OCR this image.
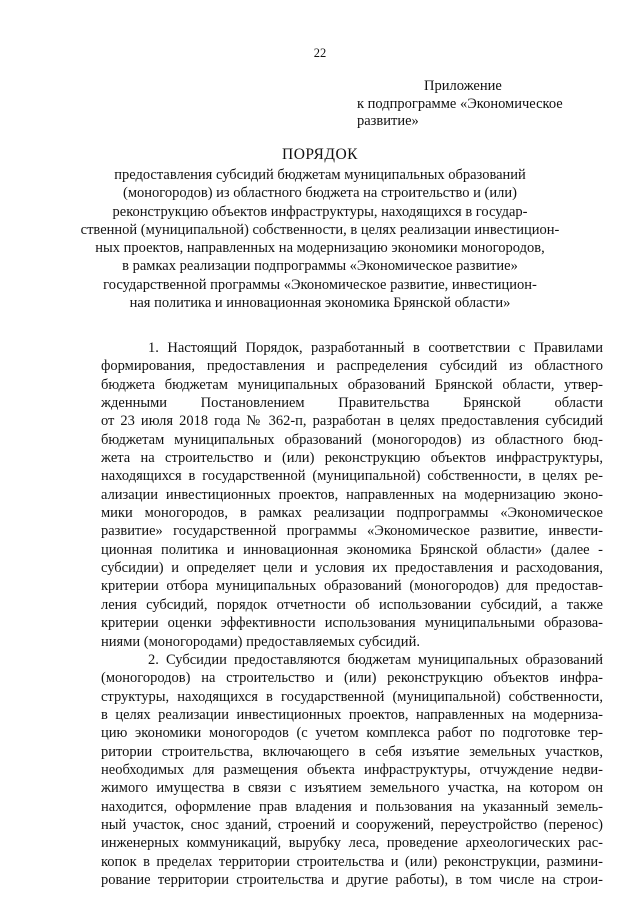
22
Приложение
к подпрограмме «Экономическое
развитие»
ПОРЯДОК
предоставления субсидий бюджетам муниципальных образований
(моногородов) из областного бюджета на строительство и (или)
реконструкцию объектов инфраструктуры, находящихся в государ-
ственной (муниципальной) собственности, в целях реализации инвестицион-
ных проектов, направленных на модернизацию экономики моногородов,
в рамках реализации подпрограммы «Экономическое развитие»
государственной программы «Экономическое развитие, инвестицион-
ная политика и инновационная экономика Брянской области»
1. Настоящий Порядок, разработанный в соответствии с Правилами
формирования, предоставления и распределения субсидий из областного
бюджета бюджетам муниципальных образований Брянской области, утвер-
жденными Постановлением Правительства Брянской области
от 23 июля 2018 года № 362-п, разработан в целях предоставления субсидий
бюджетам муниципальных образований (моногородов) из областного бюд-
жета на строительство и (или) реконструкцию объектов инфраструктуры,
находящихся в государственной (муниципальной) собственности, в целях ре-
ализации инвестиционных проектов, направленных на модернизацию эконо-
мики моногородов, в рамках реализации подпрограммы «Экономическое
развитие» государственной программы «Экономическое развитие, инвести-
ционная политика и инновационная экономика Брянской области» (далее -
субсидии) и определяет цели и условия их предоставления и расходования,
критерии отбора муниципальных образований (моногородов) для предостав-
ления субсидий, порядок отчетности об использовании субсидий, а также
критерии оценки эффективности использования муниципальными образова-
ниями (моногородами) предоставляемых субсидий.
2. Субсидии предоставляются бюджетам муниципальных образований
(моногородов) на строительство и (или) реконструкцию объектов инфра-
структуры, находящихся в государственной (муниципальной) собственности,
в целях реализации инвестиционных проектов, направленных на модерниза-
цию экономики моногородов (с учетом комплекса работ по подготовке тер-
ритории строительства, включающего в себя изъятие земельных участков,
необходимых для размещения объекта инфраструктуры, отчуждение недви-
жимого имущества в связи с изъятием земельного участка, на котором он
находится, оформление прав владения и пользования на указанный земель-
ный участок, снос зданий, строений и сооружений, переустройство (перенос)
инженерных коммуникаций, вырубку леса, проведение археологических рас-
копок в пределах территории строительства и (или) реконструкции, размини-
рование территории строительства и другие работы), в том числе на строи-
